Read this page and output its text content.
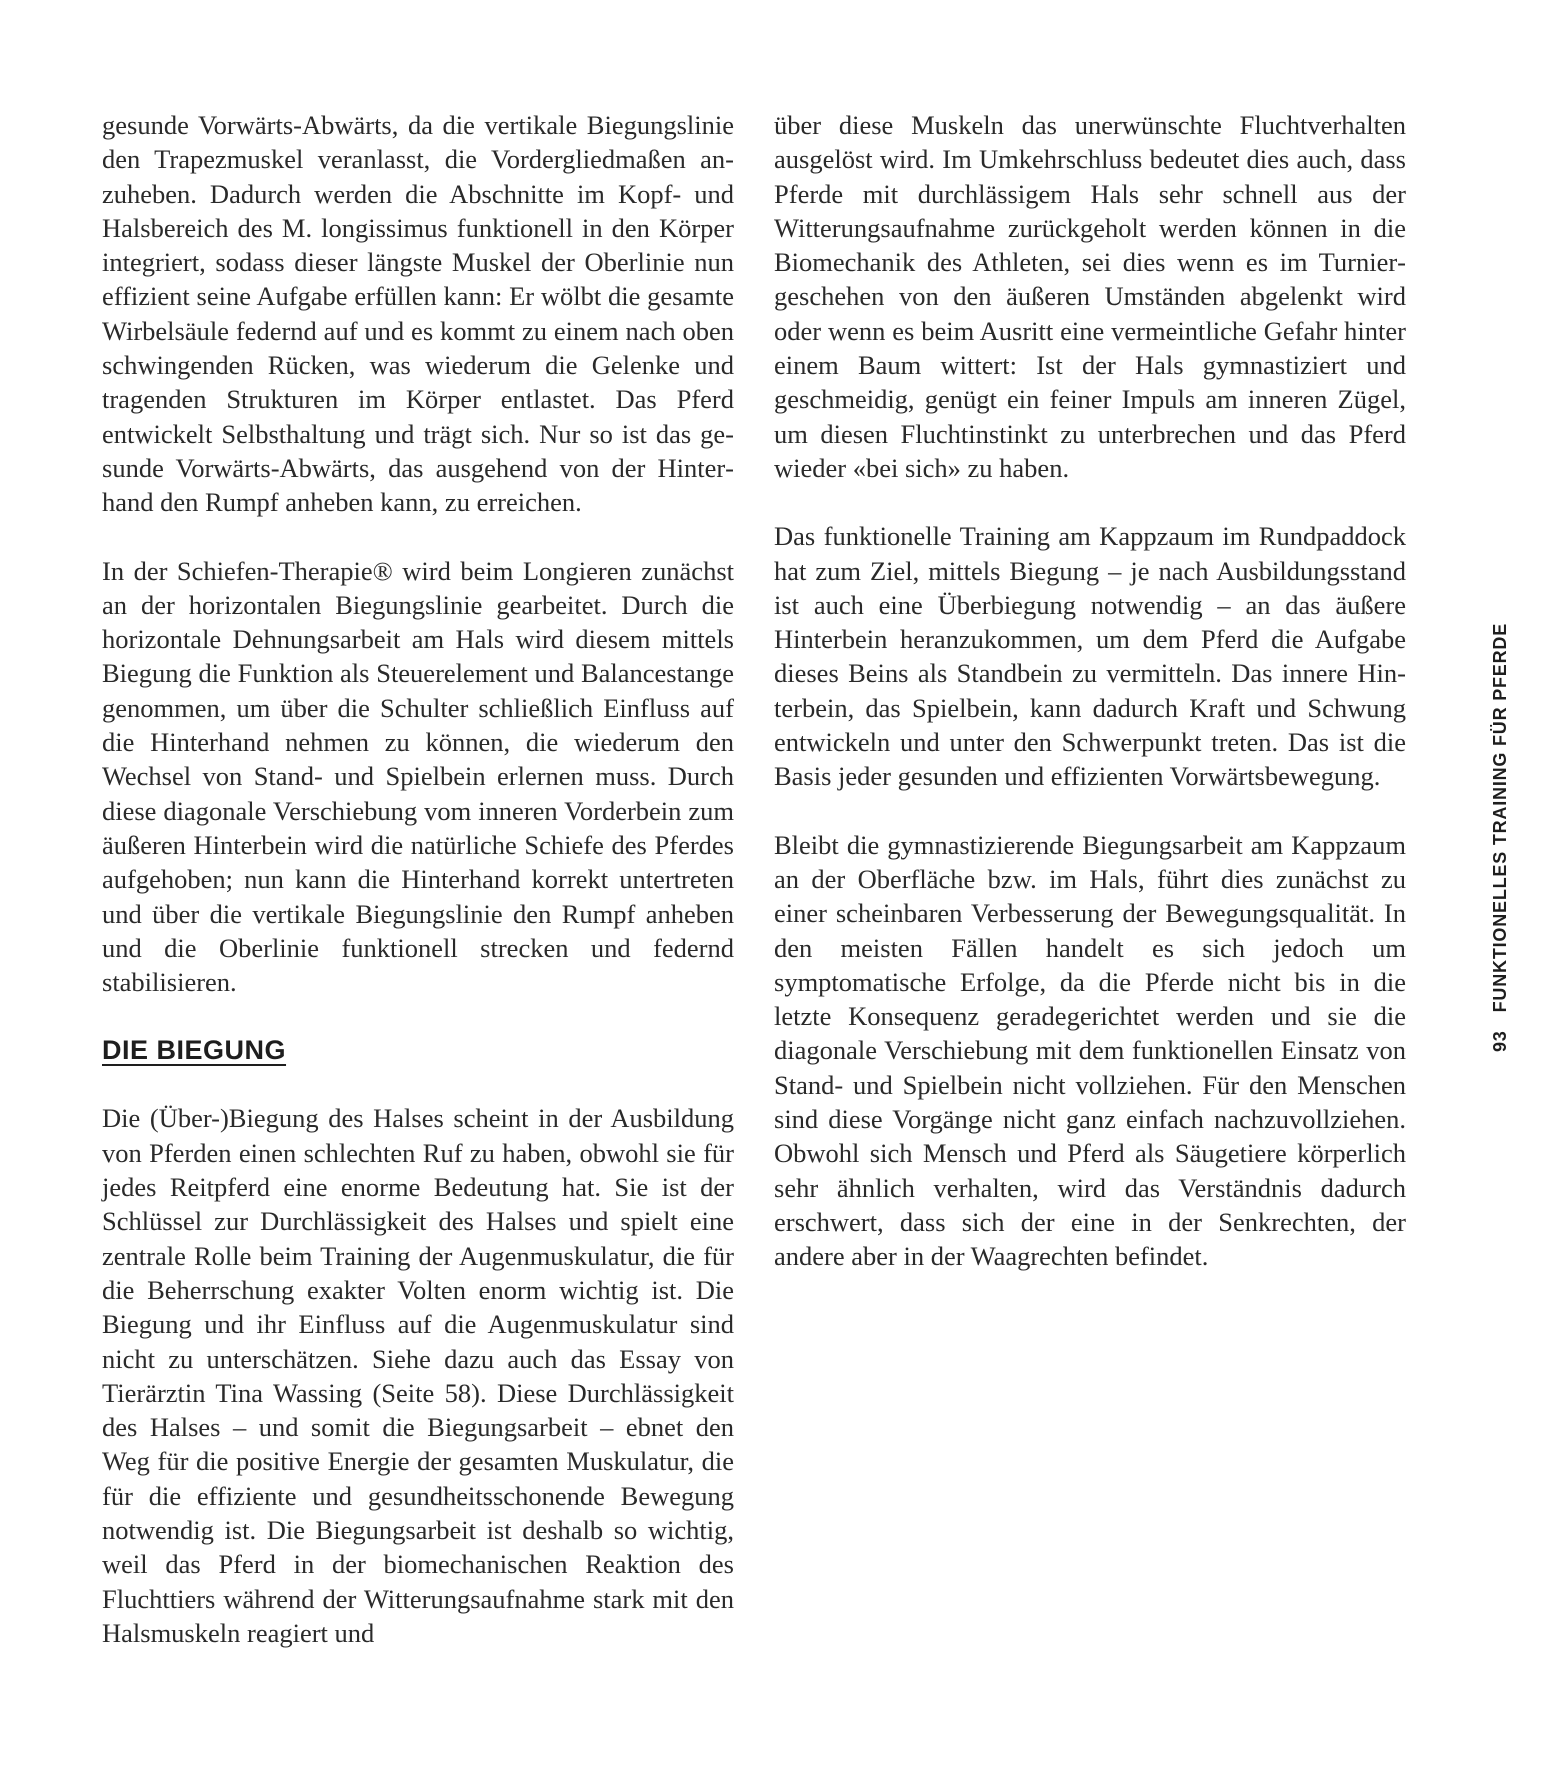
gesunde Vorwärts-Abwärts, da die vertikale Biegungslinie den Trapezmuskel veranlasst, die Vordergliedmaßen anzuheben. Dadurch werden die Abschnitte im Kopf- und Halsbereich des M. longissimus funktionell in den Körper integriert, sodass dieser längste Muskel der Oberlinie nun effizient seine Aufgabe erfüllen kann: Er wölbt die gesamte Wirbelsäule federnd auf und es kommt zu einem nach oben schwingenden Rücken, was wiederum die Gelenke und tragenden Strukturen im Körper entlastet. Das Pferd entwickelt Selbsthaltung und trägt sich. Nur so ist das gesunde Vorwärts-Abwärts, das ausgehend von der Hinterhand den Rumpf anheben kann, zu erreichen.

In der Schiefen-Therapie® wird beim Longieren zunächst an der horizontalen Biegungslinie gearbeitet. Durch die horizontale Dehnungsarbeit am Hals wird diesem mittels Biegung die Funktion als Steuerelement und Balancestange genommen, um über die Schulter schließlich Einfluss auf die Hinterhand nehmen zu können, die wiederum den Wechsel von Stand- und Spielbein erlernen muss. Durch diese diagonale Verschiebung vom inneren Vorderbein zum äußeren Hinterbein wird die natürliche Schiefe des Pferdes aufgehoben; nun kann die Hinterhand korrekt untertreten und über die vertikale Biegungslinie den Rumpf anheben und die Oberlinie funktionell strecken und federnd stabilisieren.

DIE BIEGUNG

Die (Über-)Biegung des Halses scheint in der Ausbildung von Pferden einen schlechten Ruf zu haben, obwohl sie für jedes Reitpferd eine enorme Bedeutung hat. Sie ist der Schlüssel zur Durchlässigkeit des Halses und spielt eine zentrale Rolle beim Training der Augenmuskulatur, die für die Beherrschung exakter Volten enorm wichtig ist. Die Biegung und ihr Einfluss auf die Augenmuskulatur sind nicht zu unterschätzen. Siehe dazu auch das Essay von Tierärztin Tina Wassing (Seite 58). Diese Durchlässigkeit des Halses – und somit die Biegungsarbeit – ebnet den Weg für die positive Energie der gesamten Muskulatur, die für die effiziente und gesundheitsschonende Bewegung notwendig ist. Die Biegungsarbeit ist deshalb so wichtig, weil das Pferd in der biomechanischen Reaktion des Fluchttiers während der Witterungsaufnahme stark mit den Halsmuskeln reagiert und

über diese Muskeln das unerwünschte Fluchtverhalten ausgelöst wird. Im Umkehrschluss bedeutet dies auch, dass Pferde mit durchlässigem Hals sehr schnell aus der Witterungsaufnahme zurückgeholt werden können in die Biomechanik des Athleten, sei dies wenn es im Turniergeschehen von den äußeren Umständen abgelenkt wird oder wenn es beim Ausritt eine vermeintliche Gefahr hinter einem Baum wittert: Ist der Hals gymnastiziert und geschmeidig, genügt ein feiner Impuls am inneren Zügel, um diesen Fluchtinstinkt zu unterbrechen und das Pferd wieder «bei sich» zu haben.

Das funktionelle Training am Kappzaum im Rundpaddock hat zum Ziel, mittels Biegung – je nach Ausbildungsstand ist auch eine Überbiegung notwendig – an das äußere Hinterbein heranzukommen, um dem Pferd die Aufgabe dieses Beins als Standbein zu vermitteln. Das innere Hinterbein, das Spielbein, kann dadurch Kraft und Schwung entwickeln und unter den Schwerpunkt treten. Das ist die Basis jeder gesunden und effizienten Vorwärtsbewegung.

Bleibt die gymnastizierende Biegungsarbeit am Kappzaum an der Oberfläche bzw. im Hals, führt dies zunächst zu einer scheinbaren Verbesserung der Bewegungsqualität. In den meisten Fällen handelt es sich jedoch um symptomatische Erfolge, da die Pferde nicht bis in die letzte Konsequenz geradegerichtet werden und sie die diagonale Verschiebung mit dem funktionellen Einsatz von Stand- und Spielbein nicht vollziehen. Für den Menschen sind diese Vorgänge nicht ganz einfach nachzuvollziehen. Obwohl sich Mensch und Pferd als Säugetiere körperlich sehr ähnlich verhalten, wird das Verständnis dadurch erschwert, dass sich der eine in der Senkrechten, der andere aber in der Waagrechten befindet.

93FUNKTIONELLES TRAINING FÜR PFERDE
